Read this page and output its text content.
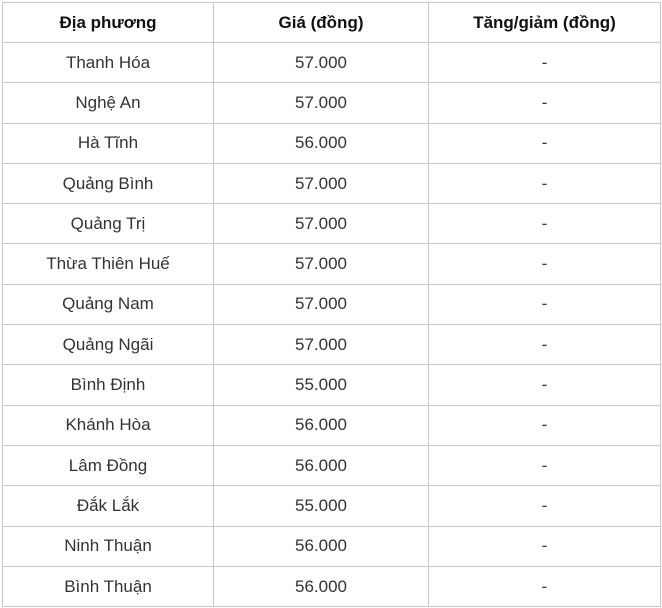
Địa phương	Giá (đồng)	Tăng/giảm (đồng)
Thanh Hóa	57.000	-
Nghệ An	57.000	-
Hà Tĩnh	56.000	-
Quảng Bình	57.000	-
Quảng Trị	57.000	-
Thừa Thiên Huế	57.000	-
Quảng Nam	57.000	-
Quảng Ngãi	57.000	-
Bình Định	55.000	-
Khánh Hòa	56.000	-
Lâm Đồng	56.000	-
Đắk Lắk	55.000	-
Ninh Thuận	56.000	-
Bình Thuận	56.000	-
